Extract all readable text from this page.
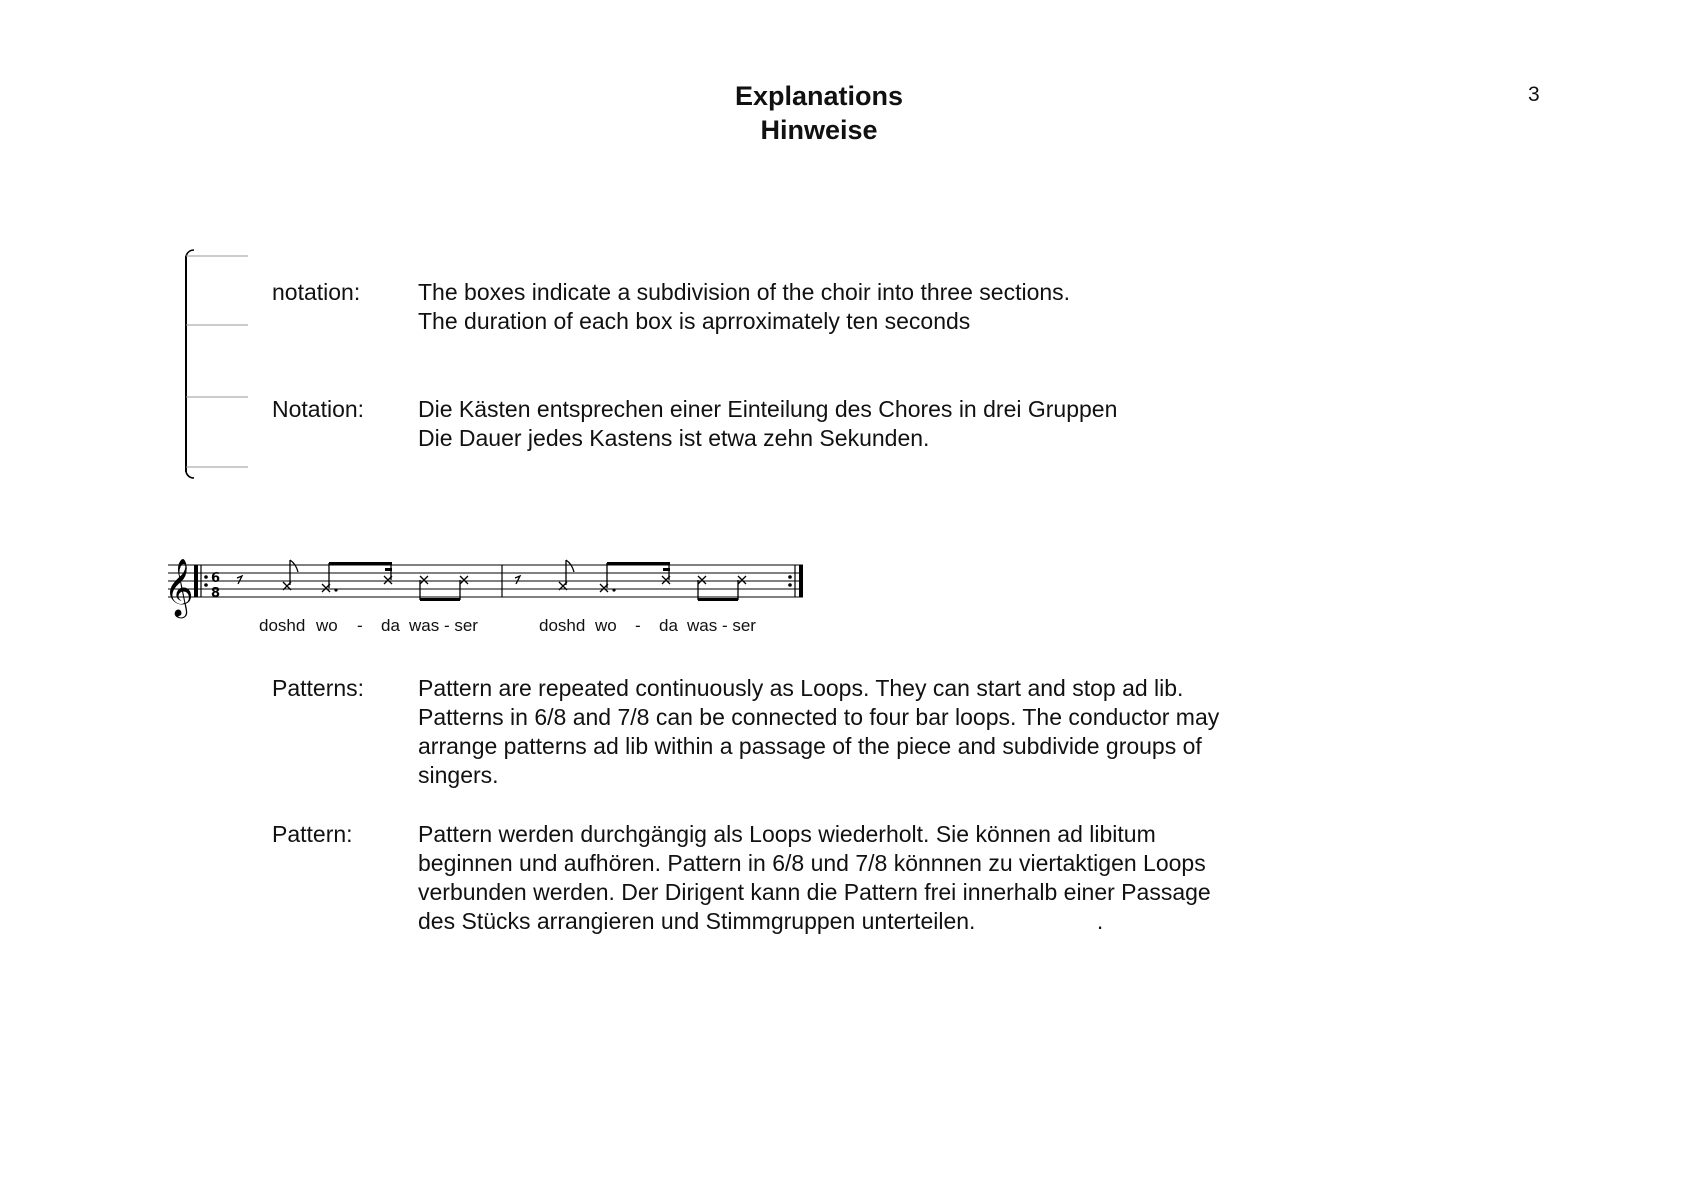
Explanations
Hinweise
3
notation:	The boxes indicate a subdivision of the choir into three sections.
The duration of each box is aprroximately ten seconds
Notation: Die Kästen entsprechen einer Einteilung des Chores in drei Gruppen
Die Dauer jedes Kastens ist etwa zehn Sekunden.
𝄞 6
8
doshd wo - da was - ser	doshd wo - da was - ser
Patterns: Pattern are repeated continuously as Loops. They can start and stop ad lib.
Patterns in 6/8 and 7/8 can be connected to four bar loops. The conductor may
arrange patterns ad lib within a passage of the piece and subdivide groups of
singers.
Pattern:	Pattern werden durchgängig als Loops wiederholt. Sie können ad libitum
beginnen und aufhören. Pattern in 6/8 und 7/8 könnnen zu viertaktigen Loops
verbunden werden. Der Dirigent kann die Pattern frei innerhalb einer Passage
des Stücks arrangieren und Stimmgruppen unterteilen.                   .
